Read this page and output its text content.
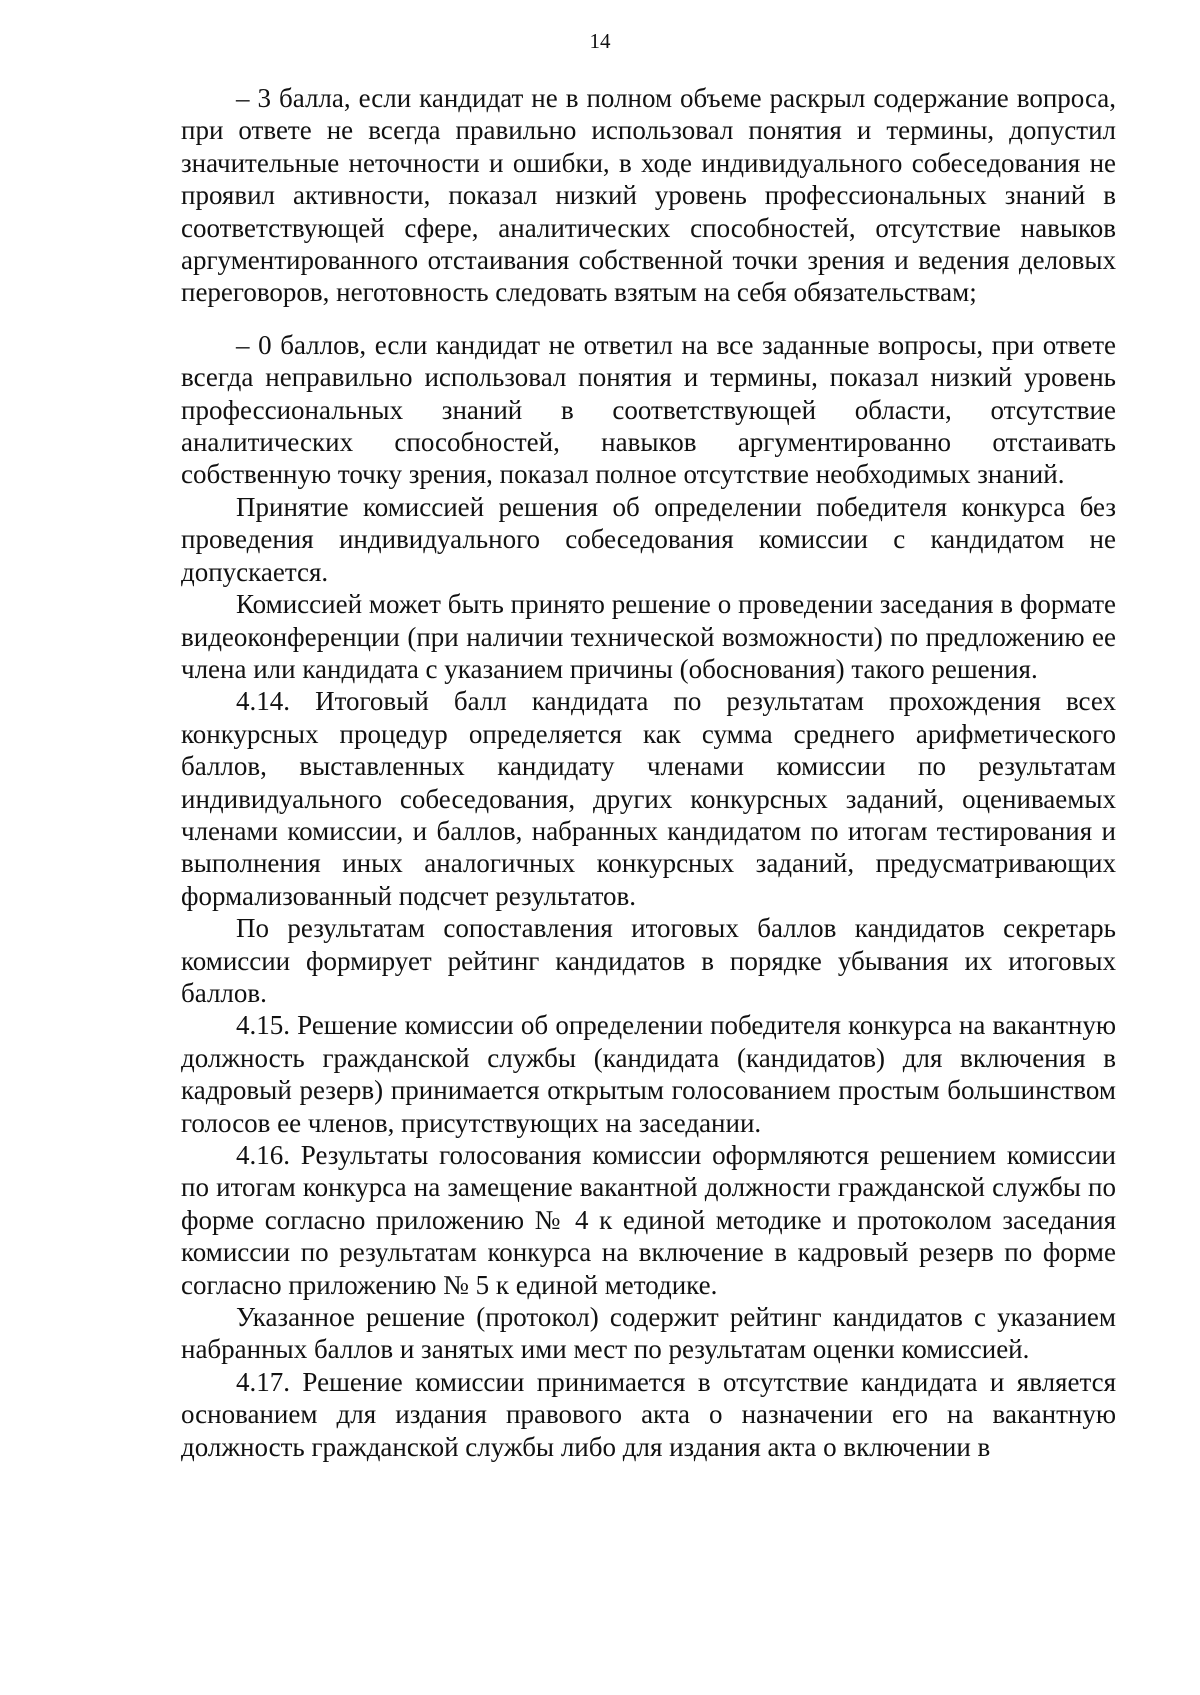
14

– 3 балла, если кандидат не в полном объеме раскрыл содержание вопроса, при ответе не всегда правильно использовал понятия и термины, допустил значительные неточности и ошибки, в ходе индивидуального собеседования не проявил активности, показал низкий уровень профессиональных знаний в соответствующей сфере, аналитических способностей, отсутствие навыков аргументированного отстаивания собственной точки зрения и ведения деловых переговоров, неготовность следовать взятым на себя обязательствам;

– 0 баллов, если кандидат не ответил на все заданные вопросы, при ответе всегда неправильно использовал понятия и термины, показал низкий уровень профессиональных знаний в соответствующей области, отсутствие аналитических способностей, навыков аргументированно отстаивать собственную точку зрения, показал полное отсутствие необходимых знаний.

Принятие комиссией решения об определении победителя конкурса без проведения индивидуального собеседования комиссии с кандидатом не допускается.

Комиссией может быть принято решение о проведении заседания в формате видеоконференции (при наличии технической возможности) по предложению ее члена или кандидата с указанием причины (обоснования) такого решения.

4.14. Итоговый балл кандидата по результатам прохождения всех конкурсных процедур определяется как сумма среднего арифметического баллов, выставленных кандидату членами комиссии по результатам индивидуального собеседования, других конкурсных заданий, оцениваемых членами комиссии, и баллов, набранных кандидатом по итогам тестирования и выполнения иных аналогичных конкурсных заданий, предусматривающих формализованный подсчет результатов.

По результатам сопоставления итоговых баллов кандидатов секретарь комиссии формирует рейтинг кандидатов в порядке убывания их итоговых баллов.

4.15. Решение комиссии об определении победителя конкурса на вакантную должность гражданской службы (кандидата (кандидатов) для включения в кадровый резерв) принимается открытым голосованием простым большинством голосов ее членов, присутствующих на заседании.

4.16. Результаты голосования комиссии оформляются решением комиссии по итогам конкурса на замещение вакантной должности гражданской службы по форме согласно приложению № 4 к единой методике и протоколом заседания комиссии по результатам конкурса на включение в кадровый резерв по форме согласно приложению № 5 к единой методике.

Указанное решение (протокол) содержит рейтинг кандидатов с указанием набранных баллов и занятых ими мест по результатам оценки комиссией.

4.17. Решение комиссии принимается в отсутствие кандидата и является основанием для издания правового акта о назначении его на вакантную должность гражданской службы либо для издания акта о включении в
